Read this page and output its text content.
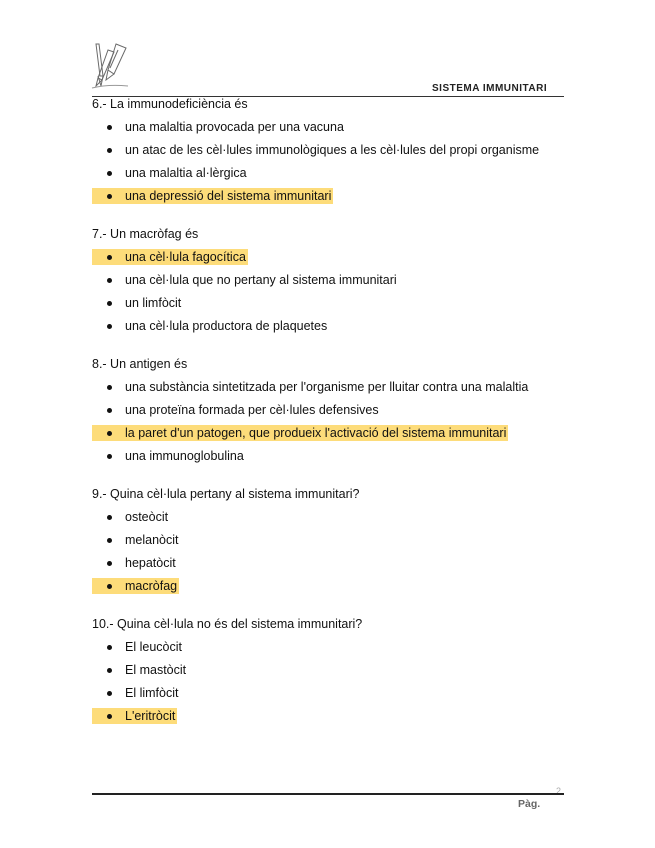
SISTEMA IMMUNITARI
6.- La immunodeficiència és
una malaltia provocada per una vacuna
un atac de les cèl·lules immunològiques a les cèl·lules del propi organisme
una malaltia al·lèrgica
una depressió del sistema immunitari
7.- Un macròfag és
una cèl·lula fagocítica
una cèl·lula que no pertany al sistema immunitari
un limfòcit
una cèl·lula productora de plaquetes
8.- Un antigen és
una substància sintetitzada per l'organisme per lluitar contra una malaltia
una proteïna formada per cèl·lules defensives
la paret d'un patogen, que produeix l'activació del sistema immunitari
una immunoglobulina
9.- Quina cèl·lula pertany al sistema immunitari?
osteòcit
melanòcit
hepatòcit
macròfag
10.- Quina cèl·lula no és del sistema immunitari?
El leucòcit
El mastòcit
El limfòcit
L'eritròcit
2
Pàg.
